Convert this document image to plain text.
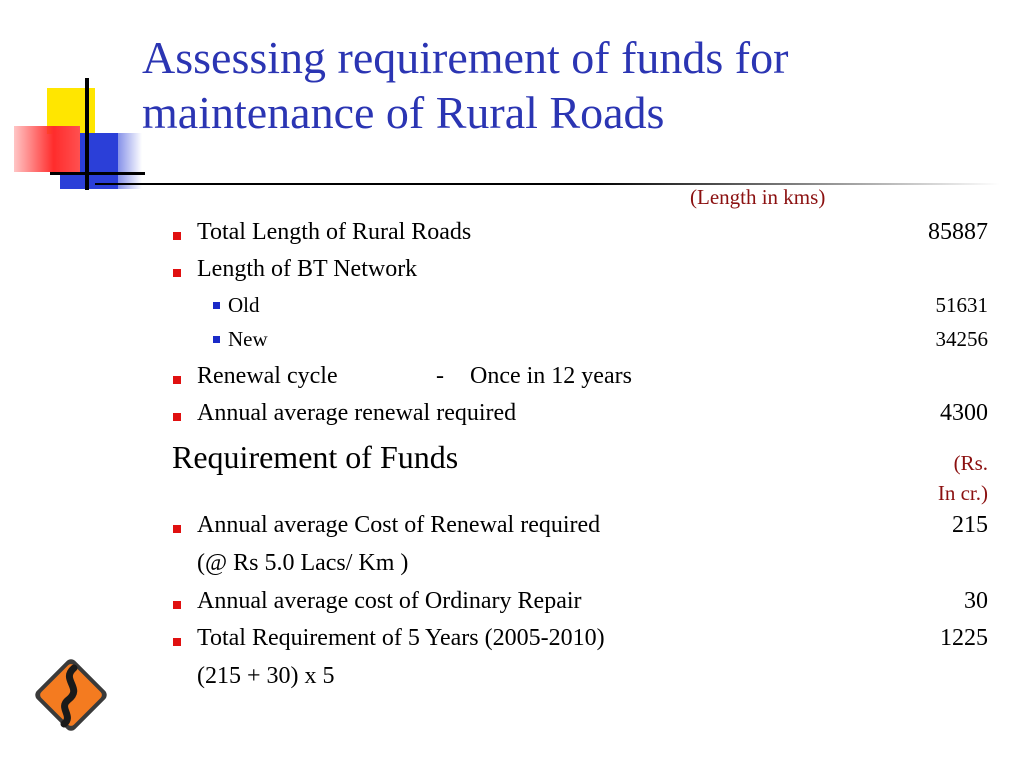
Assessing requirement of funds for maintenance of Rural Roads
(Length in kms)
Total Length of Rural Roads	85887
Length of BT Network
Old	51631
New	34256
Renewal cycle	- Once in 12 years
Annual average renewal required	4300
Requirement of Funds	(Rs.
In cr.)
Annual average Cost of Renewal required	215
(@ Rs 5.0 Lacs/ Km )
Annual average cost of Ordinary Repair	30
Total Requirement of 5 Years (2005-2010)	1225
(215 + 30) x 5
